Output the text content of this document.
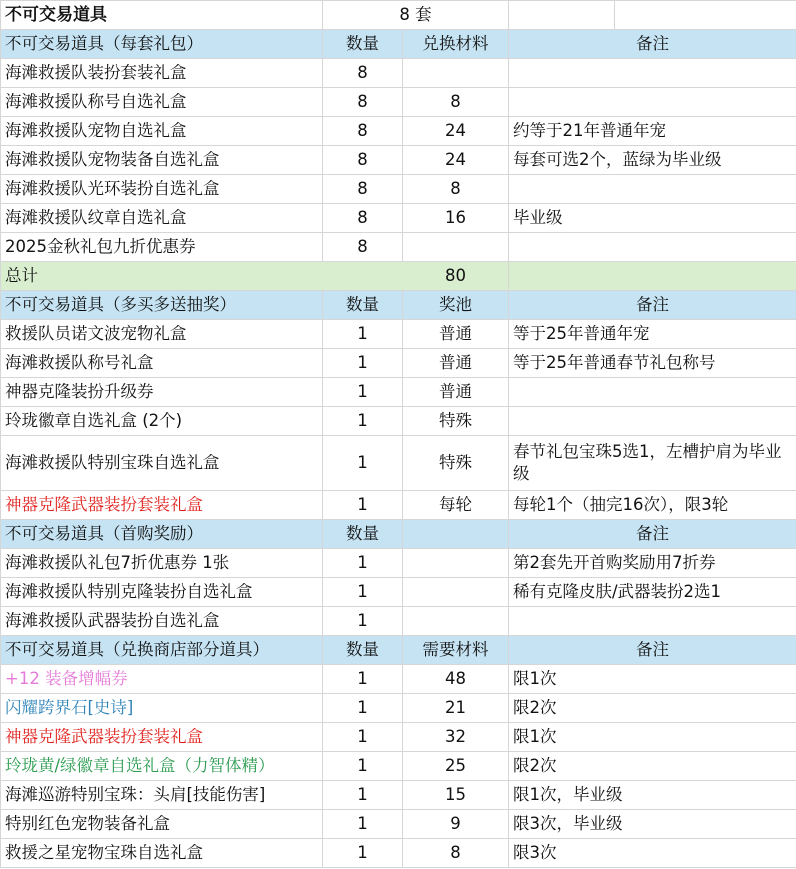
不可交易道具	8 套			
不可交易道具（每套礼包）	数量	兑换材料	备注	
海滩救援队装扮套装礼盒	8			
海滩救援队称号自选礼盒	8	8		
海滩救援队宠物自选礼盒	8	24	约等于21年普通年宠	
海滩救援队宠物装备自选礼盒	8	24	每套可选2个，蓝绿为毕业级	
海滩救援队光环装扮自选礼盒	8	8		
海滩救援队纹章自选礼盒	8	16	毕业级	
2025金秋礼包九折优惠券	8			
总计		80		
不可交易道具（多买多送抽奖）	数量	奖池	备注	
救援队员诺文波宠物礼盒	1	普通	等于25年普通年宠	
海滩救援队称号礼盒	1	普通	等于25年普通春节礼包称号	
神器克隆装扮升级券	1	普通		
玲珑徽章自选礼盒 (2个)	1	特殊		
海滩救援队特别宝珠自选礼盒	1	特殊	春节礼包宝珠5选1，左槽护肩为毕业级	
神器克隆武器装扮套装礼盒	1	每轮	每轮1个（抽完16次），限3轮	
不可交易道具（首购奖励）	数量		备注	
海滩救援队礼包7折优惠券 1张	1		第2套先开首购奖励用7折券	
海滩救援队特别克隆装扮自选礼盒	1		稀有克隆皮肤/武器装扮2选1	
海滩救援队武器装扮自选礼盒	1			
不可交易道具（兑换商店部分道具）	数量	需要材料	备注	
+12 装备增幅券	1	48	限1次	
闪耀跨界石[史诗]	1	21	限2次	
神器克隆武器装扮套装礼盒	1	32	限1次	
玲珑黄/绿徽章自选礼盒（力智体精）	1	25	限2次	
海滩巡游特别宝珠：头肩[技能伤害]	1	15	限1次，毕业级	
特别红色宠物装备礼盒	1	9	限3次，毕业级	
救援之星宠物宝珠自选礼盒	1	8	限3次	
